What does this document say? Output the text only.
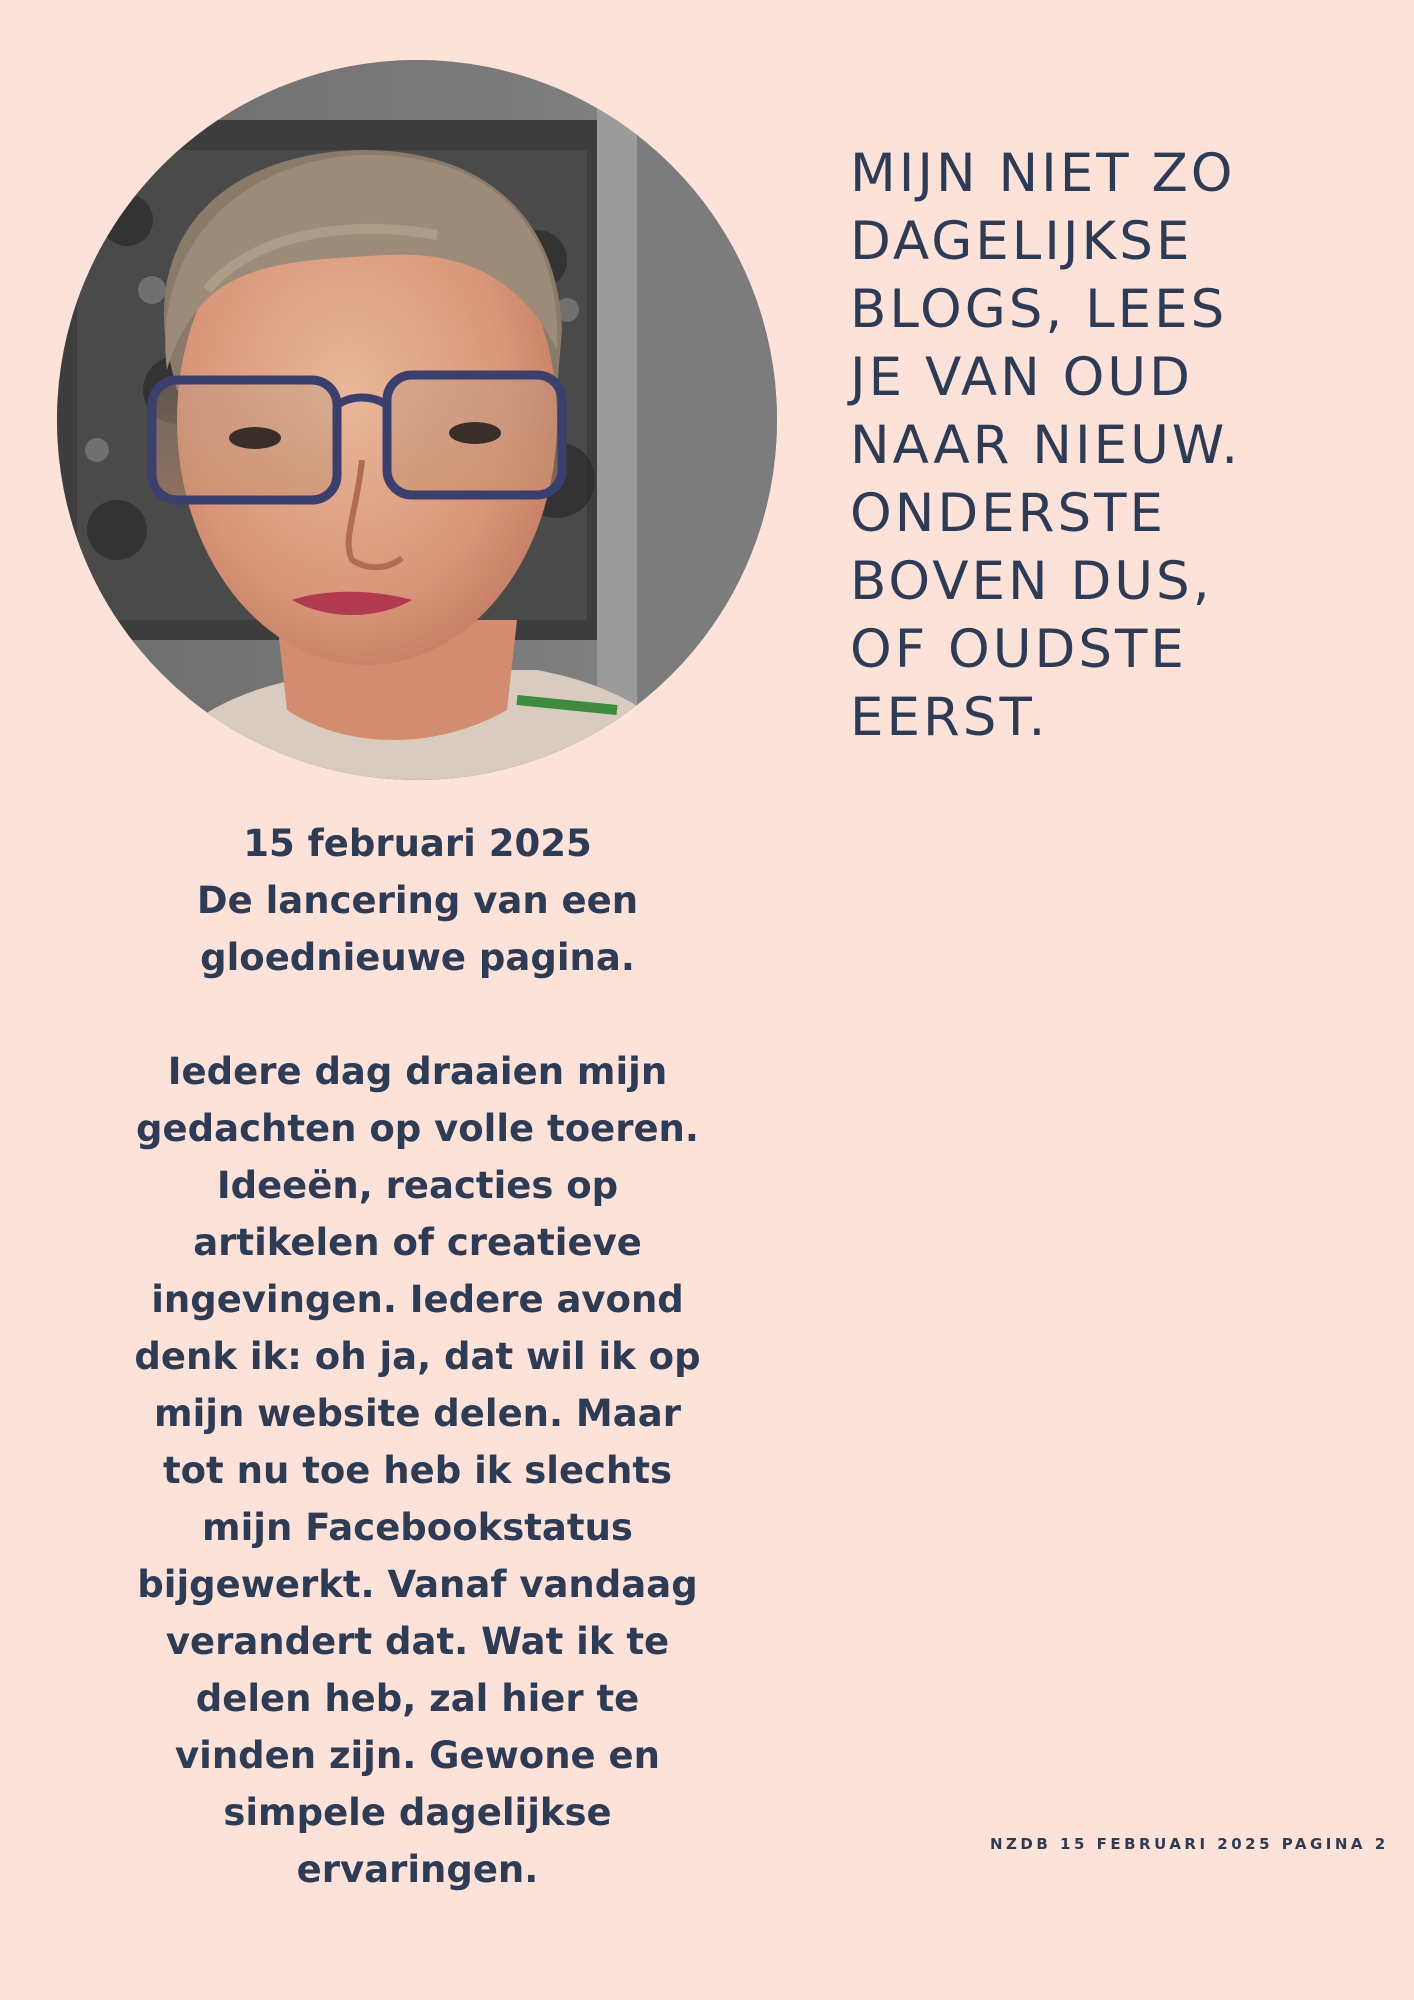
MIJN NIET ZO
DAGELIJKSE
BLOGS, LEES
JE VAN OUD
NAAR NIEUW.
ONDERSTE
BOVEN DUS,
OF OUDSTE
EERST.

15 februari 2025

De lancering van een
gloednieuwe pagina.

Iedere dag draaien mijn
gedachten op volle toeren.
Ideeën, reacties op
artikelen of creatieve
ingevingen. Iedere avond
denk ik: oh ja, dat wil ik op
mijn website delen. Maar
tot nu toe heb ik slechts
mijn Facebookstatus
bijgewerkt. Vanaf vandaag
verandert dat. Wat ik te
delen heb, zal hier te
vinden zijn. Gewone en
simpele dagelijkse
ervaringen.

NZDB 15 FEBRUARI 2025 PAGINA 2
